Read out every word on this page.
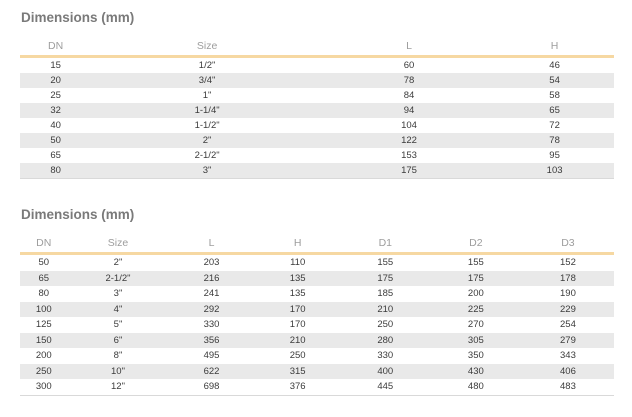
Dimensions (mm)
DN	Size	L	H
15	1/2"	60	46
20	3/4"	78	54
25	1"	84	58
32	1-1/4"	94	65
40	1-1/2"	104	72
50	2"	122	78
65	2-1/2"	153	95
80	3"	175	103
Dimensions (mm)
DN	Size	L	H	D1	D2	D3
50	2"	203	110	155	155	152
65	2-1/2"	216	135	175	175	178
80	3"	241	135	185	200	190
100	4"	292	170	210	225	229
125	5"	330	170	250	270	254
150	6"	356	210	280	305	279
200	8"	495	250	330	350	343
250	10"	622	315	400	430	406
300	12"	698	376	445	480	483
